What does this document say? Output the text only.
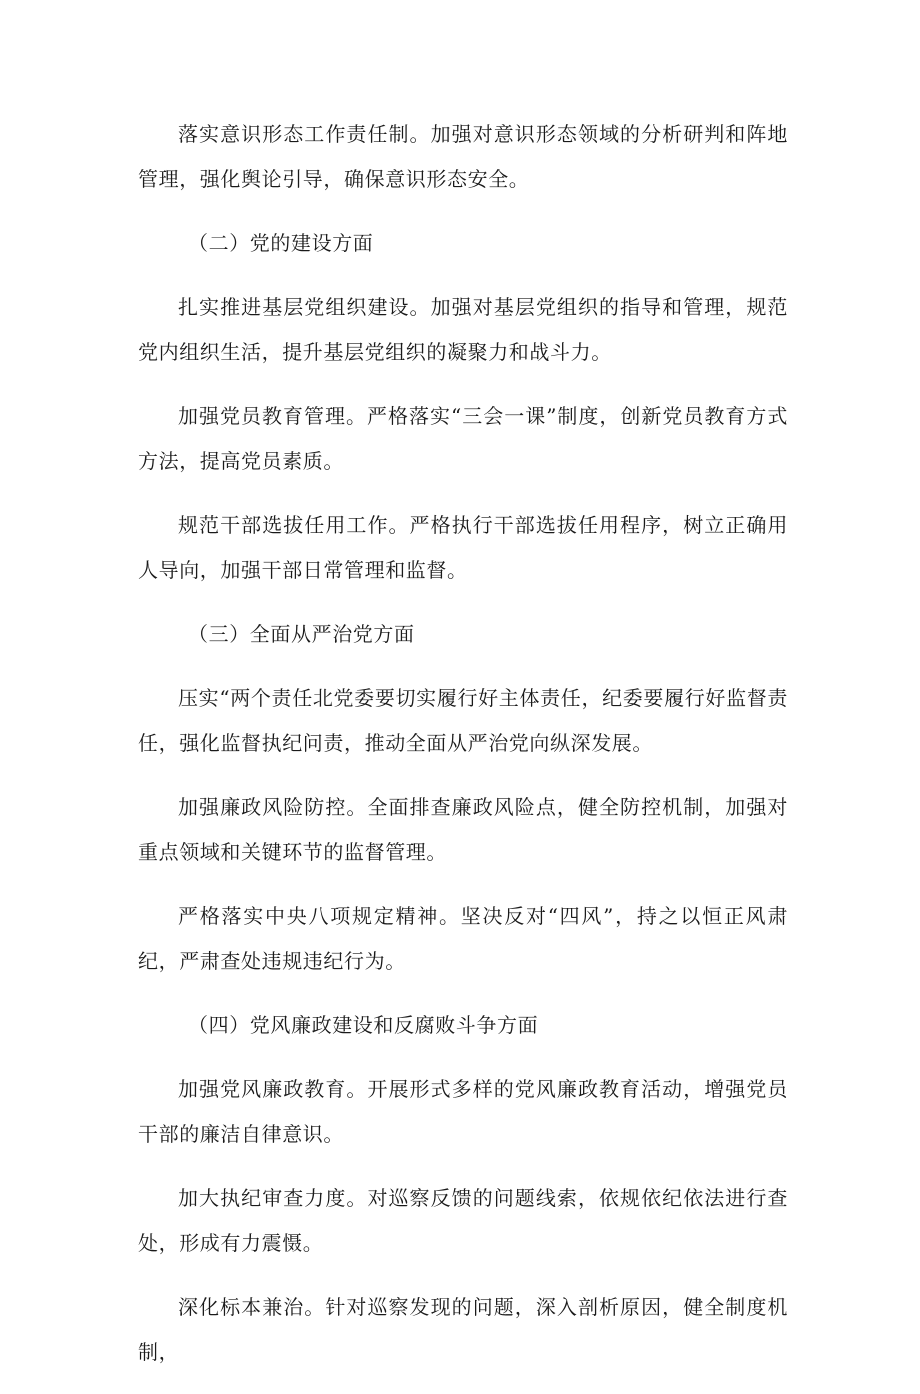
落实意识形态工作责任制。加强对意识形态领域的分析研判和阵地管理，强化舆论引导，确保意识形态安全。

（二）党的建设方面

扎实推进基层党组织建设。加强对基层党组织的指导和管理，规范党内组织生活，提升基层党组织的凝聚力和战斗力。

加强党员教育管理。严格落实“三会一课”制度，创新党员教育方式方法，提高党员素质。

规范干部选拔任用工作。严格执行干部选拔任用程序，树立正确用人导向，加强干部日常管理和监督。

（三）全面从严治党方面

压实“两个责任北党委要切实履行好主体责任，纪委要履行好监督责任，强化监督执纪问责，推动全面从严治党向纵深发展。

加强廉政风险防控。全面排查廉政风险点，健全防控机制，加强对重点领域和关键环节的监督管理。

严格落实中央八项规定精神。坚决反对“四风”，持之以恒正风肃纪，严肃查处违规违纪行为。

（四）党风廉政建设和反腐败斗争方面

加强党风廉政教育。开展形式多样的党风廉政教育活动，增强党员干部的廉洁自律意识。

加大执纪审查力度。对巡察反馈的问题线索，依规依纪依法进行查处，形成有力震慑。

深化标本兼治。针对巡察发现的问题，深入剖析原因，健全制度机制，
